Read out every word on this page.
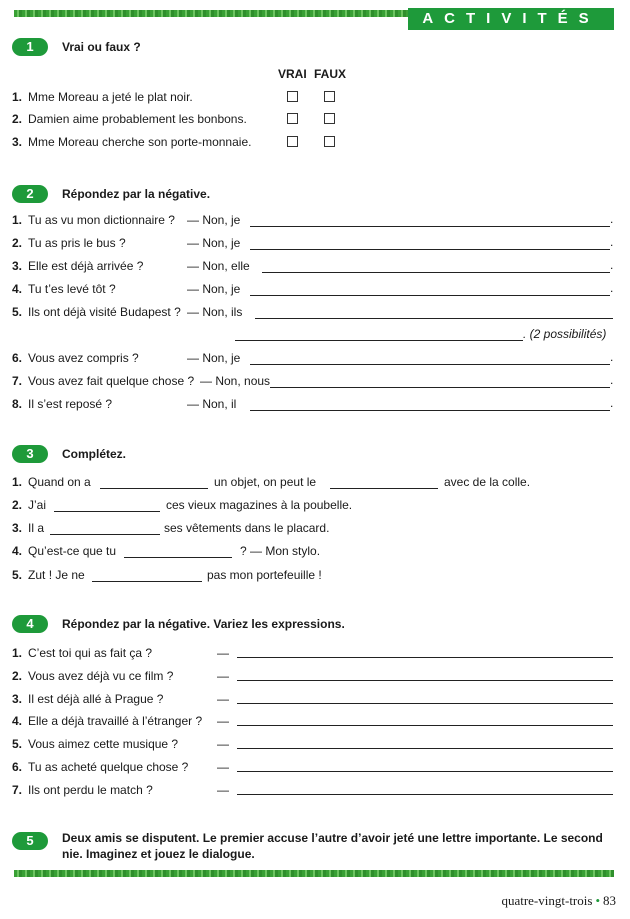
ACTIVITÉS
1	Vrai ou faux ?
VRAI FAUX
1. Mme Moreau a jeté le plat noir.
2. Damien aime probablement les bonbons.
3. Mme Moreau cherche son porte-monnaie.
2	Répondez par la négative.
1. Tu as vu mon dictionnaire ? — Non, je	.
2. Tu as pris le bus ?	— Non, je	.
3. Elle est déjà arrivée ?	— Non, elle	.
4. Tu t’es levé tôt ?	— Non, je	.
5. Ils ont déjà visité Budapest ? — Non, ils
. (2 possibilités)
6. Vous avez compris ?	— Non, je	.
7. Vous avez fait quelque chose ? — Non, nous	.
8. Il s’est reposé ?	— Non, il	.
3	Complétez.
1. Quand on a	un objet, on peut le	avec de la colle.
2. J’ai	ces vieux magazines à la poubelle.
3. Il a	ses vêtements dans le placard.
4. Qu’est-ce que tu	? — Mon stylo.
5. Zut ! Je ne	pas mon portefeuille !
4	Répondez par la négative. Variez les expressions.
1. C’est toi qui as fait ça ?	—
2. Vous avez déjà vu ce film ?	—
3. Il est déjà allé à Prague ?	—
4. Elle a déjà travaillé à l’étranger ? —
5. Vous aimez cette musique ?	—
6. Tu as acheté quelque chose ? —
7. Ils ont perdu le match ?	—
5	Deux amis se disputent. Le premier accuse l’autre d’avoir jeté une lettre importante. Le second nie. Imaginez et jouez le dialogue.
quatre-vingt-trois • 83
